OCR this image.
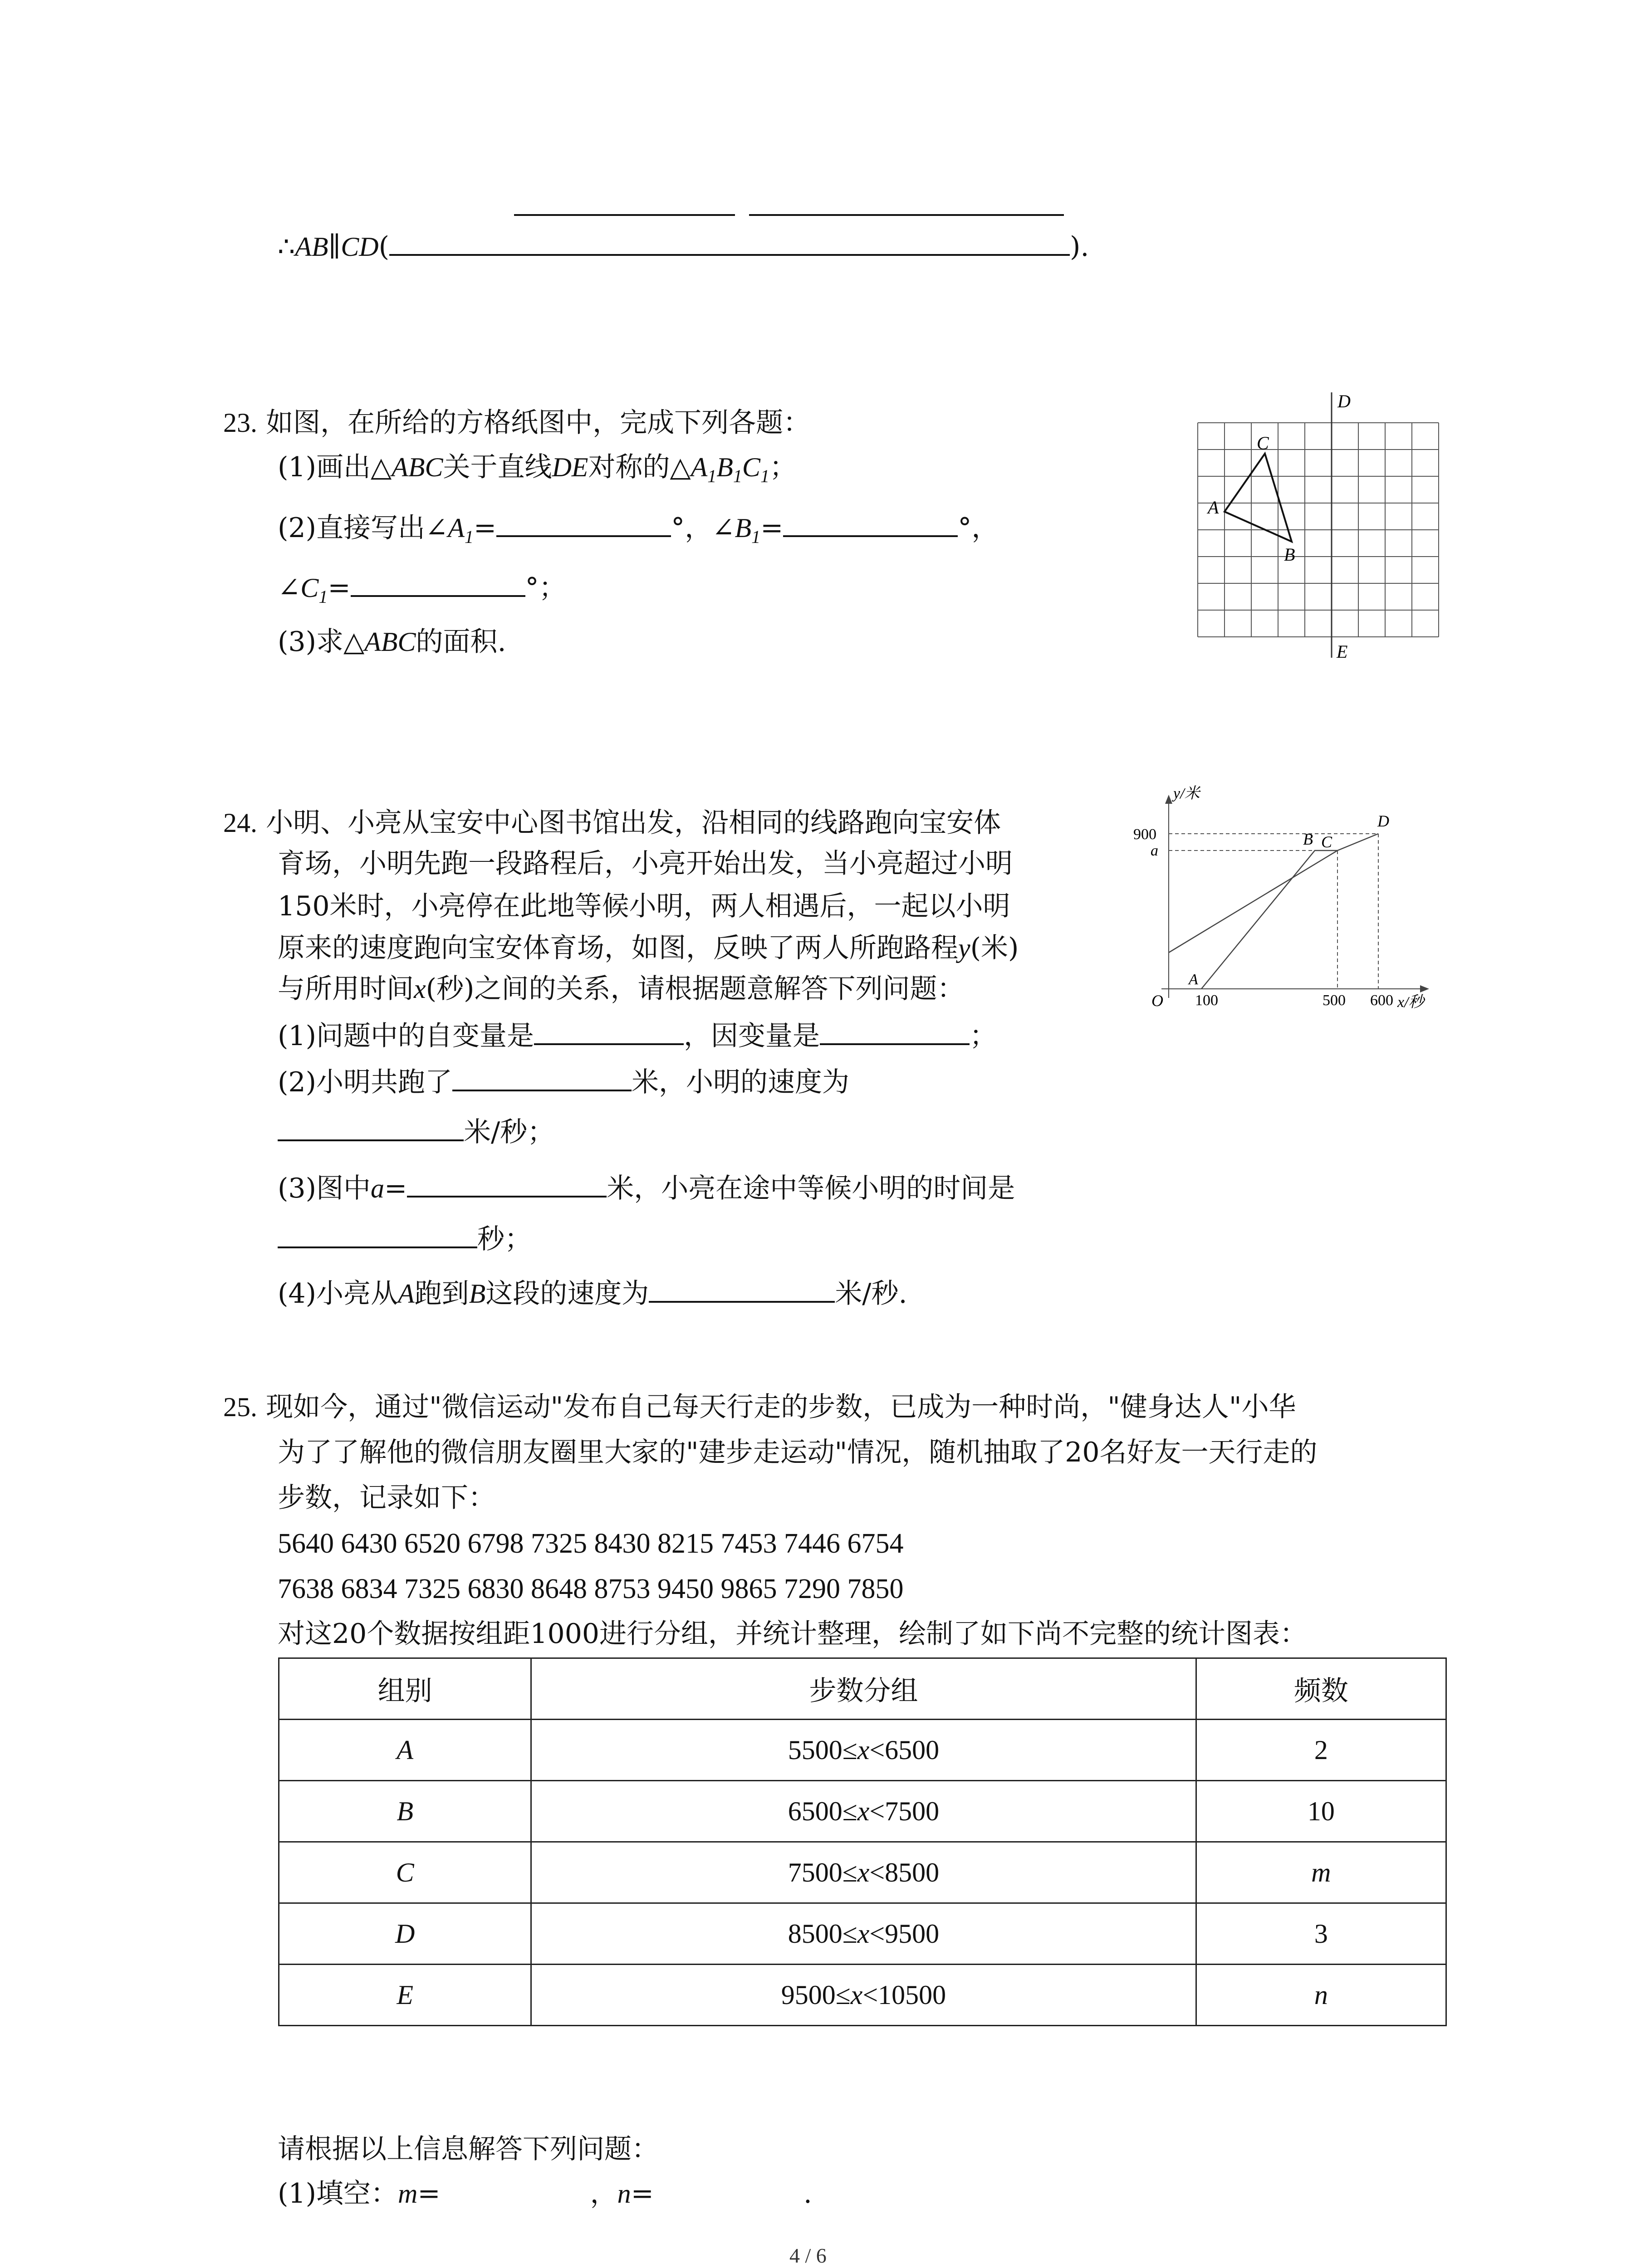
∴AB∥CD(	).
23. 如图，在所给的方格纸图中，完成下列各题：
(1)画出△ABC关于直线DE对称的$\triangle A_1B_1C_1$；
(2)直接写出$\angle A_1=$	°，$\angle B_1=$	°，
$\angle C_1=$	°；
(3)求△ABC的面积.
D
E
C
A
B
24. 小明、小亮从宝安中心图书馆出发，沿相同的线路跑向宝安体
育场，小明先跑一段路程后，小亮开始出发，当小亮超过小明
150米时，小亮停在此地等候小明，两人相遇后，一起以小明
原来的速度跑向宝安体育场，如图，反映了两人所跑路程y(米)
与所用时间x(秒)之间的关系，请根据题意解答下列问题：
(1)问题中的自变量是	，因变量是	；
(2)小明共跑了	米，小明的速度为
米/秒；
(3)图中a=	米，小亮在途中等候小明的时间是
秒；
(4)小亮从A跑到B这段的速度为	米/秒.
y/米
900
a
O 100	500 600 x/秒
A
B C
D
25. 现如今，通过"微信运动"发布自己每天行走的步数，已成为一种时尚，"健身达人"小华
为了了解他的微信朋友圈里大家的"建步走运动"情况，随机抽取了20名好友一天行走的
步数，记录如下：
5640 6430 6520 6798 7325 8430 8215 7453 7446 6754
7638 6834 7325 6830 8648 8753 9450 9865 7290 7850
对这20个数据按组距1000进行分组，并统计整理，绘制了如下尚不完整的统计图表：
组别	步数分组	频数
A	5500≤x<6500	2
B	6500≤x<7500	10
C	7500≤x<8500	m
D	8500≤x<9500	3
E	9500≤x<10500	n
请根据以上信息解答下列问题：
(1)填空：m=	，n=	.
4 / 6
